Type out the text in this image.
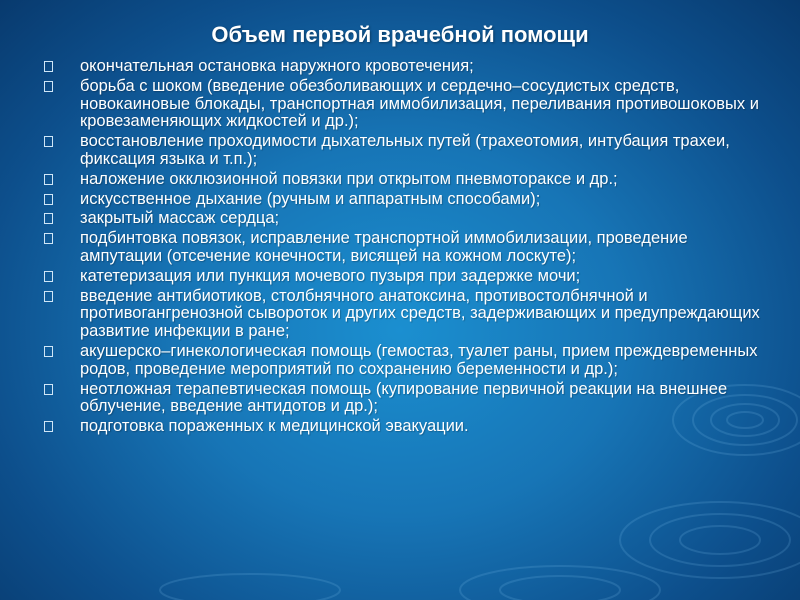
Объем первой врачебной помощи
окончательная остановка наружного кровотечения;
борьба с шоком (введение обезболивающих и сердечно–сосудистых средств, новокаиновые блокады, транспортная иммобилизация, переливания противошоковых и кровезаменяющих жидкостей и др.);
восстановление проходимости дыхательных путей (трахеотомия, интубация трахеи, фиксация языка и т.п.);
наложение окклюзионной повязки при открытом пневмотораксе и др.;
искусственное дыхание (ручным и аппаратным способами);
закрытый массаж сердца;
подбинтовка повязок, исправление транспортной иммобилизации, проведение ампутации (отсечение конечности, висящей на кожном лоскуте);
катетеризация или пункция мочевого пузыря при задержке мочи;
введение антибиотиков, столбнячного анатоксина, противостолбнячной и противогангренозной сывороток и других средств, задерживающих и предупреждающих развитие инфекции в ране;
акушерско–гинекологическая помощь (гемостаз, туалет раны, прием преждевременных родов, проведение мероприятий по сохранению беременности и др.);
неотложная терапевтическая помощь (купирование первичной реакции на внешнее облучение, введение антидотов и др.);
подготовка пораженных к медицинской эвакуации.
